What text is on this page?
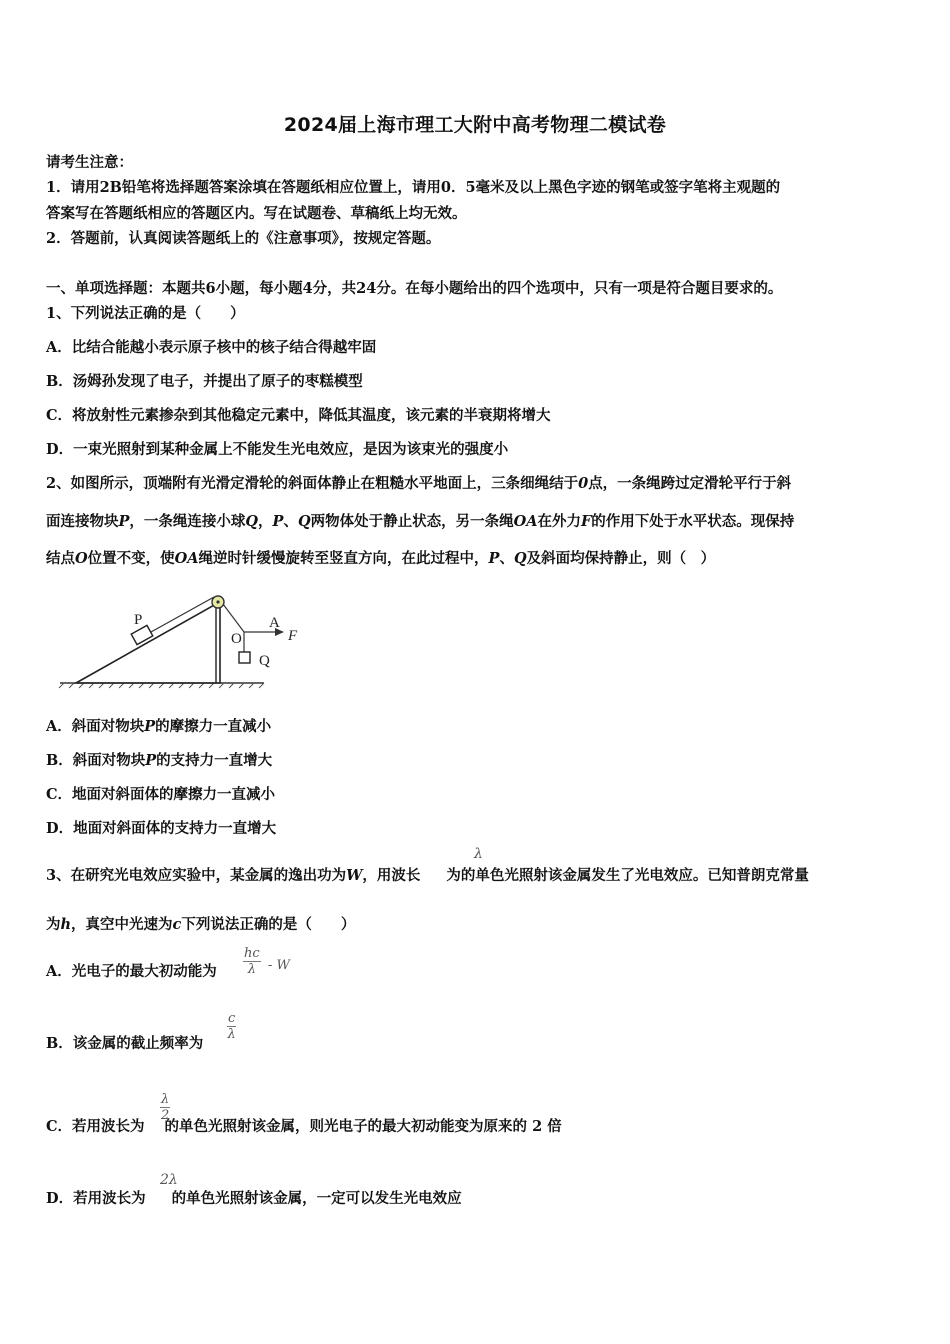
2024届上海市理工大附中高考物理二模试卷
请考生注意：
1．请用2B铅笔将选择题答案涂填在答题纸相应位置上，请用0．5毫米及以上黑色字迹的钢笔或签字笔将主观题的
答案写在答题纸相应的答题区内。写在试题卷、草稿纸上均无效。
2．答题前，认真阅读答题纸上的《注意事项》，按规定答题。
一、单项选择题：本题共6小题，每小题4分，共24分。在每小题给出的四个选项中，只有一项是符合题目要求的。
1、下列说法正确的是（　　）
A．比结合能越小表示原子核中的核子结合得越牢固
B．汤姆孙发现了电子，并提出了原子的枣糕模型
C．将放射性元素掺杂到其他稳定元素中，降低其温度，该元素的半衰期将增大
D．一束光照射到某种金属上不能发生光电效应，是因为该束光的强度小
2、如图所示，顶端附有光滑定滑轮的斜面体静止在粗糙水平地面上，三条细绳结于0点，一条绳跨过定滑轮平行于斜
面连接物块P，一条绳连接小球Q，P、Q两物体处于静止状态，另一条绳OA在外力F的作用下处于水平状态。现保持
结点O位置不变，使OA绳逆时针缓慢旋转至竖直方向，在此过程中，P、Q及斜面均保持静止，则（　）
P	A
F
O
Q
A．斜面对物块P的摩擦力一直减小
B．斜面对物块P的支持力一直增大
C．地面对斜面体的摩擦力一直减小
D．地面对斜面体的支持力一直增大
3、在研究光电效应实验中，某金属的逸出功为W，用波长 为的单色光照射该金属发生了光电效应。已知普朗克常量
λ
为h，真空中光速为c下列说法正确的是（　　）
A．光电子的最大初动能为 $\frac{hc}{\lambda}$ - W
B．该金属的截止频率为
$\frac{c}{\lambda}$
C．若用波长为 的单色光照射该金属，则光电子的最大初动能变为原来的 2 倍
$\frac{\lambda}{2}$
D．若用波长为 的单色光照射该金属，一定可以发生光电效应
2λ
